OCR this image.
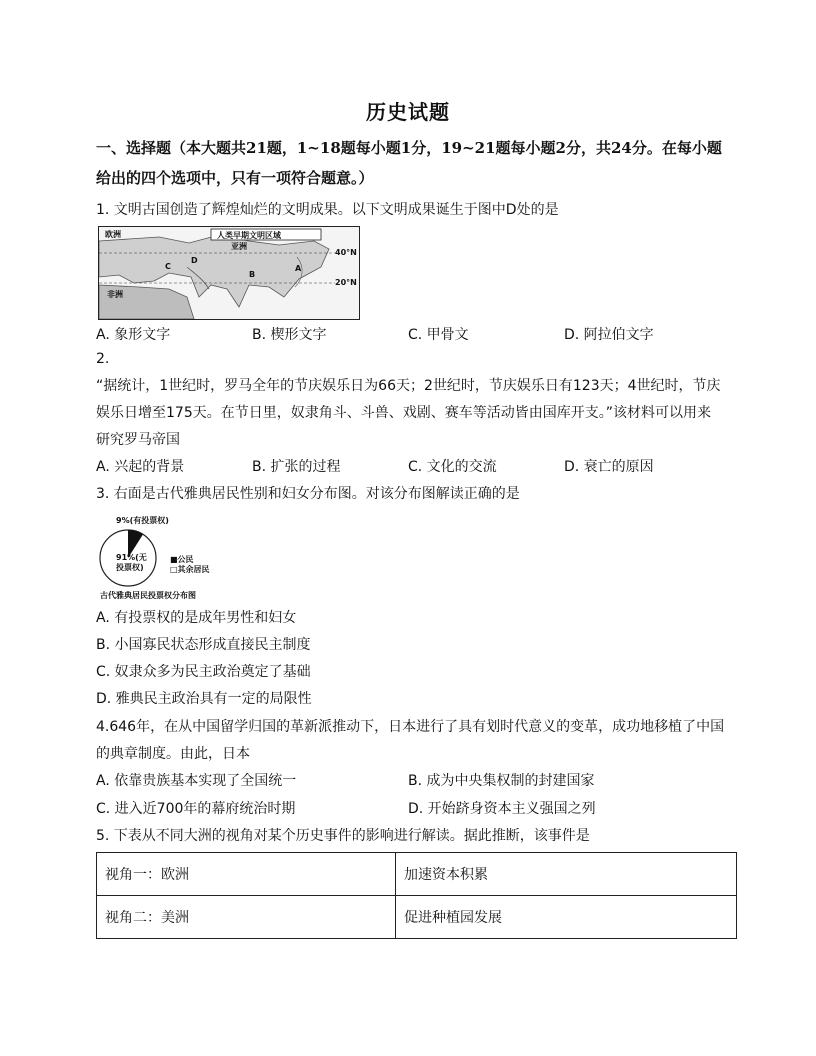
历史试题
一、选择题（本大题共21题，1~18题每小题1分，19~21题每小题2分，共24分。在每小题
给出的四个选项中，只有一项符合题意。）
1. 文明古国创造了辉煌灿烂的文明成果。以下文明成果诞生于图中D处的是
人类早期文明区域
欧洲
亚洲
非洲
40°N
20°N
A
B
C
D
A. 象形文字	B. 楔形文字	C. 甲骨文	D. 阿拉伯文字
2.
“据统计，1世纪时，罗马全年的节庆娱乐日为66天；2世纪时，节庆娱乐日有123天；4世纪时，节庆
娱乐日增至175天。在节日里，奴隶角斗、斗兽、戏剧、赛车等活动皆由国库开支。”该材料可以用来
研究罗马帝国
A. 兴起的背景	B. 扩张的过程	C. 文化的交流	D. 衰亡的原因
3. 右面是古代雅典居民性别和妇女分布图。对该分布图解读正确的是
9%(有投票权)
91%(无
投票权)
■公民
□其余居民
古代雅典居民投票权分布图
A. 有投票权的是成年男性和妇女
B. 小国寡民状态形成直接民主制度
C. 奴隶众多为民主政治奠定了基础
D. 雅典民主政治具有一定的局限性
4.646年，在从中国留学归国的革新派推动下，日本进行了具有划时代意义的变革，成功地移植了中国
的典章制度。由此，日本
A. 依靠贵族基本实现了全国统一	B. 成为中央集权制的封建国家
C. 进入近700年的幕府统治时期	D. 开始跻身资本主义强国之列
5. 下表从不同大洲的视角对某个历史事件的影响进行解读。据此推断，该事件是
视角一：欧洲	加速资本积累
视角二：美洲	促进种植园发展
